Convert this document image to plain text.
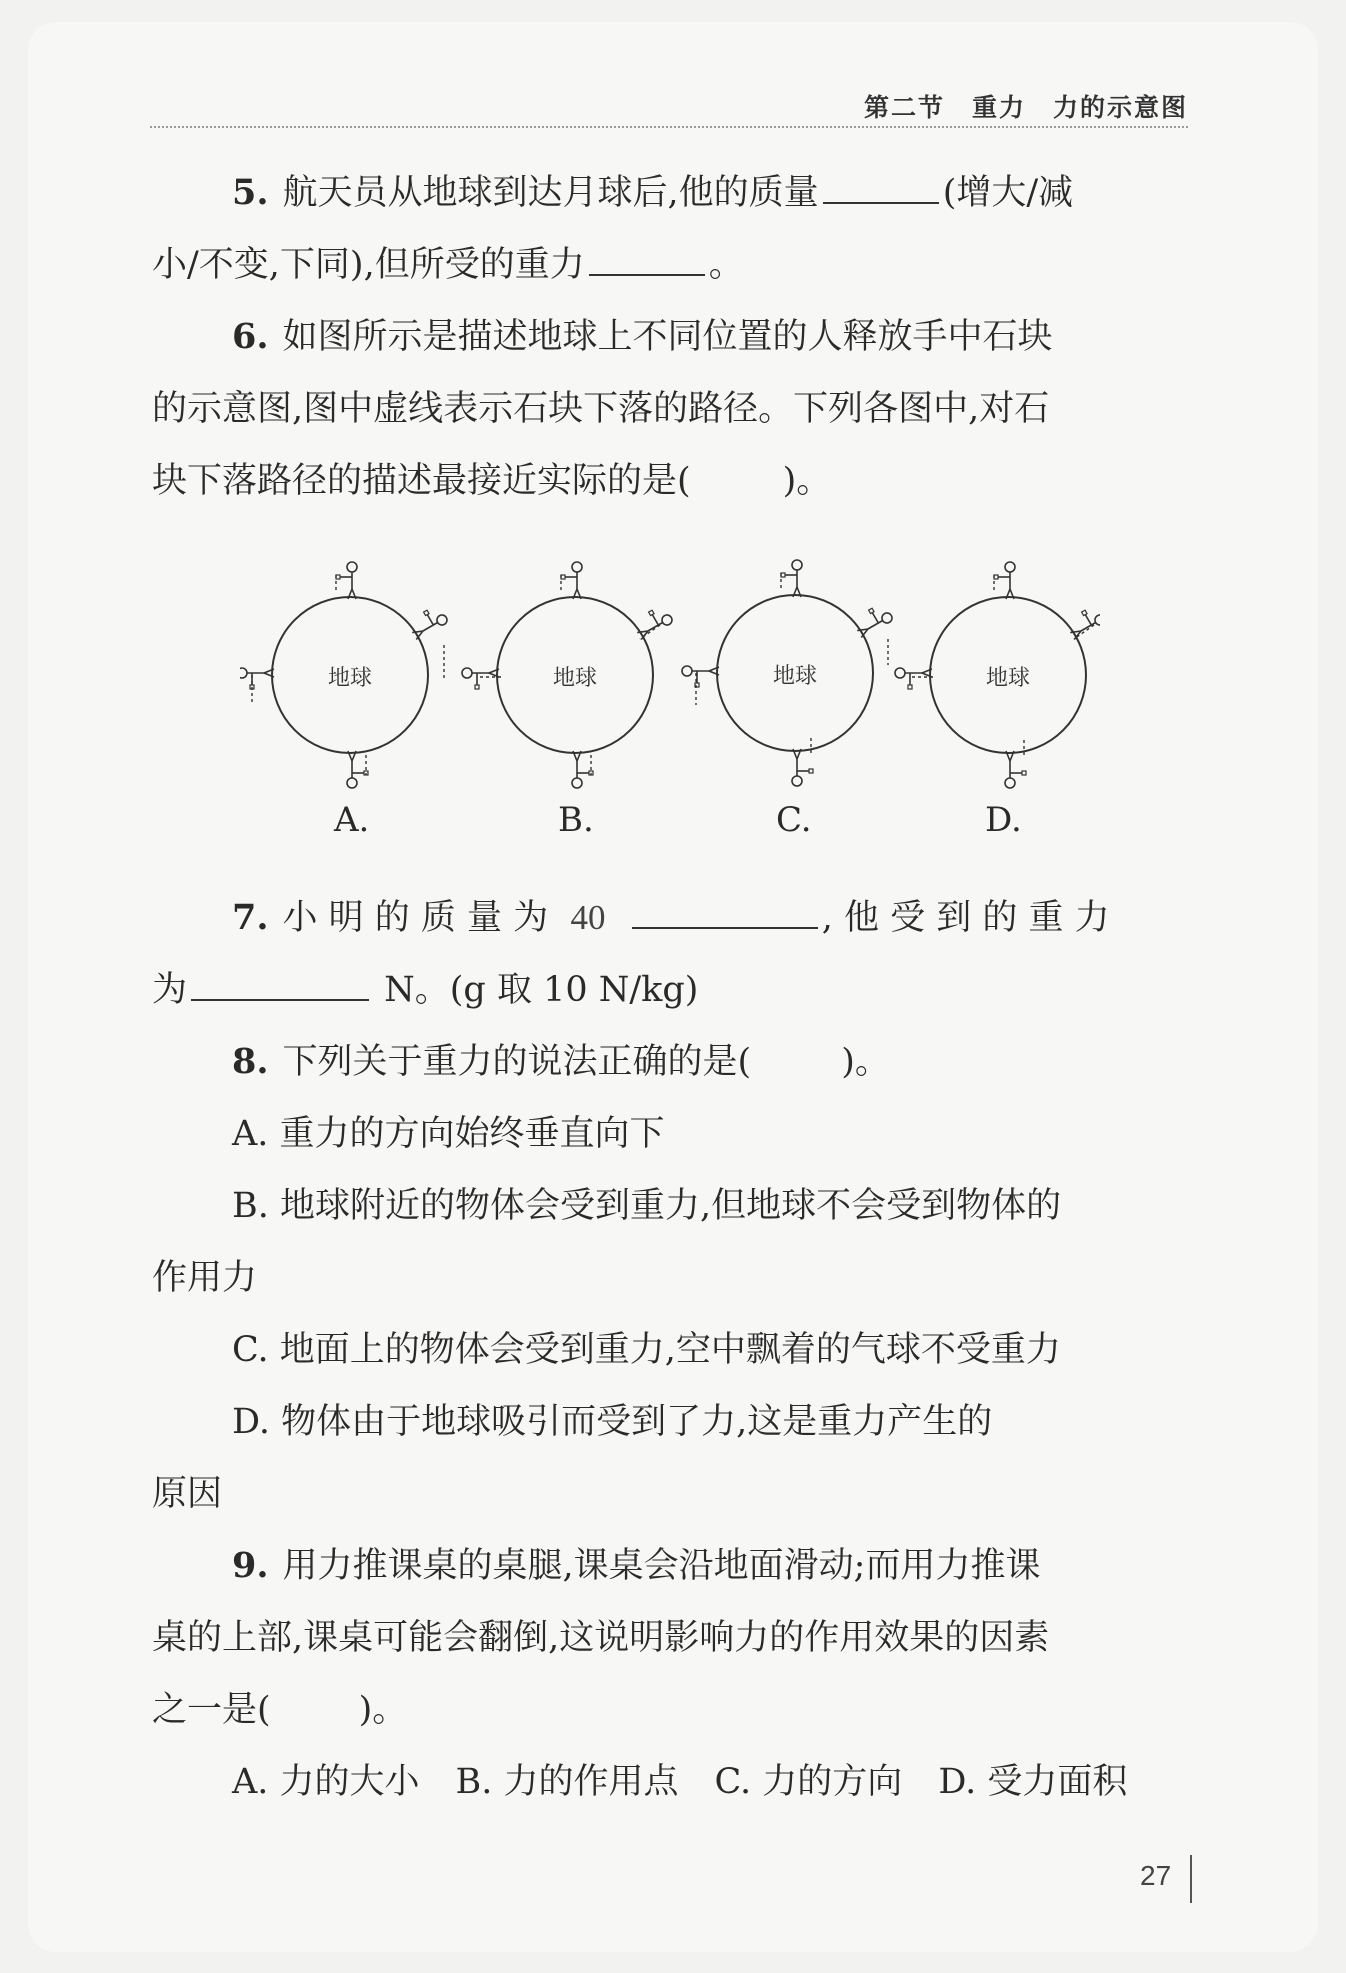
第二节　重力　力的示意图
5. 航天员从地球到达月球后,他的质量	(增大/减
小/不变,下同),但所受的重力	。
6. 如图所示是描述地球上不同位置的人释放手中石块
的示意图,图中虚线表示石块下落的路径。下列各图中,对石
块下落路径的描述最接近实际的是(	)。
地球	地球	地球	地球
A.	B.	C.	D.
7. 小 明 的 质 量 为 40	, 他 受 到 的 重 力
为	N。(g 取 10 N/kg)
8. 下列关于重力的说法正确的是(	)。
A. 重力的方向始终垂直向下
B. 地球附近的物体会受到重力,但地球不会受到物体的
作用力
C. 地面上的物体会受到重力,空中飘着的气球不受重力
D. 物体由于地球吸引而受到了力,这是重力产生的
原因
9. 用力推课桌的桌腿,课桌会沿地面滑动;而用力推课
桌的上部,课桌可能会翻倒,这说明影响力的作用效果的因素
之一是(	)。
A. 力的大小 B. 力的作用点 C. 力的方向 D. 受力面积
27
